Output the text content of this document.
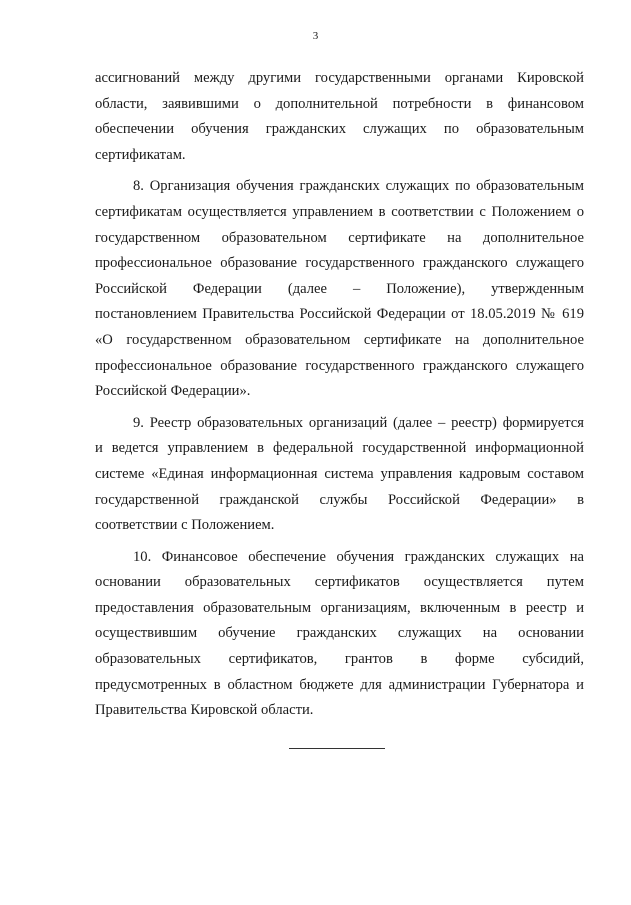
3
ассигнований между другими государственными органами Кировской
области, заявившими о дополнительной потребности в финансовом
обеспечении обучения гражданских служащих по образовательным
сертификатам.
8. Организация обучения гражданских служащих по образовательным
сертификатам осуществляется управлением в соответствии с Положением о
государственном образовательном сертификате на дополнительное
профессиональное образование государственного гражданского служащего
Российской Федерации (далее – Положение), утвержденным
постановлением Правительства Российской Федерации от 18.05.2019 № 619
«О государственном образовательном сертификате на дополнительное
профессиональное образование государственного гражданского служащего
Российской Федерации».
9. Реестр образовательных организаций (далее – реестр) формируется
и ведется управлением в федеральной государственной информационной
системе «Единая информационная система управления кадровым составом
государственной гражданской службы Российской Федерации» в
соответствии с Положением.
10. Финансовое обеспечение обучения гражданских служащих на
основании образовательных сертификатов осуществляется путем
предоставления образовательным организациям, включенным в реестр и
осуществившим обучение гражданских служащих на основании
образовательных сертификатов, грантов в форме субсидий,
предусмотренных в областном бюджете для администрации Губернатора и
Правительства Кировской области.
